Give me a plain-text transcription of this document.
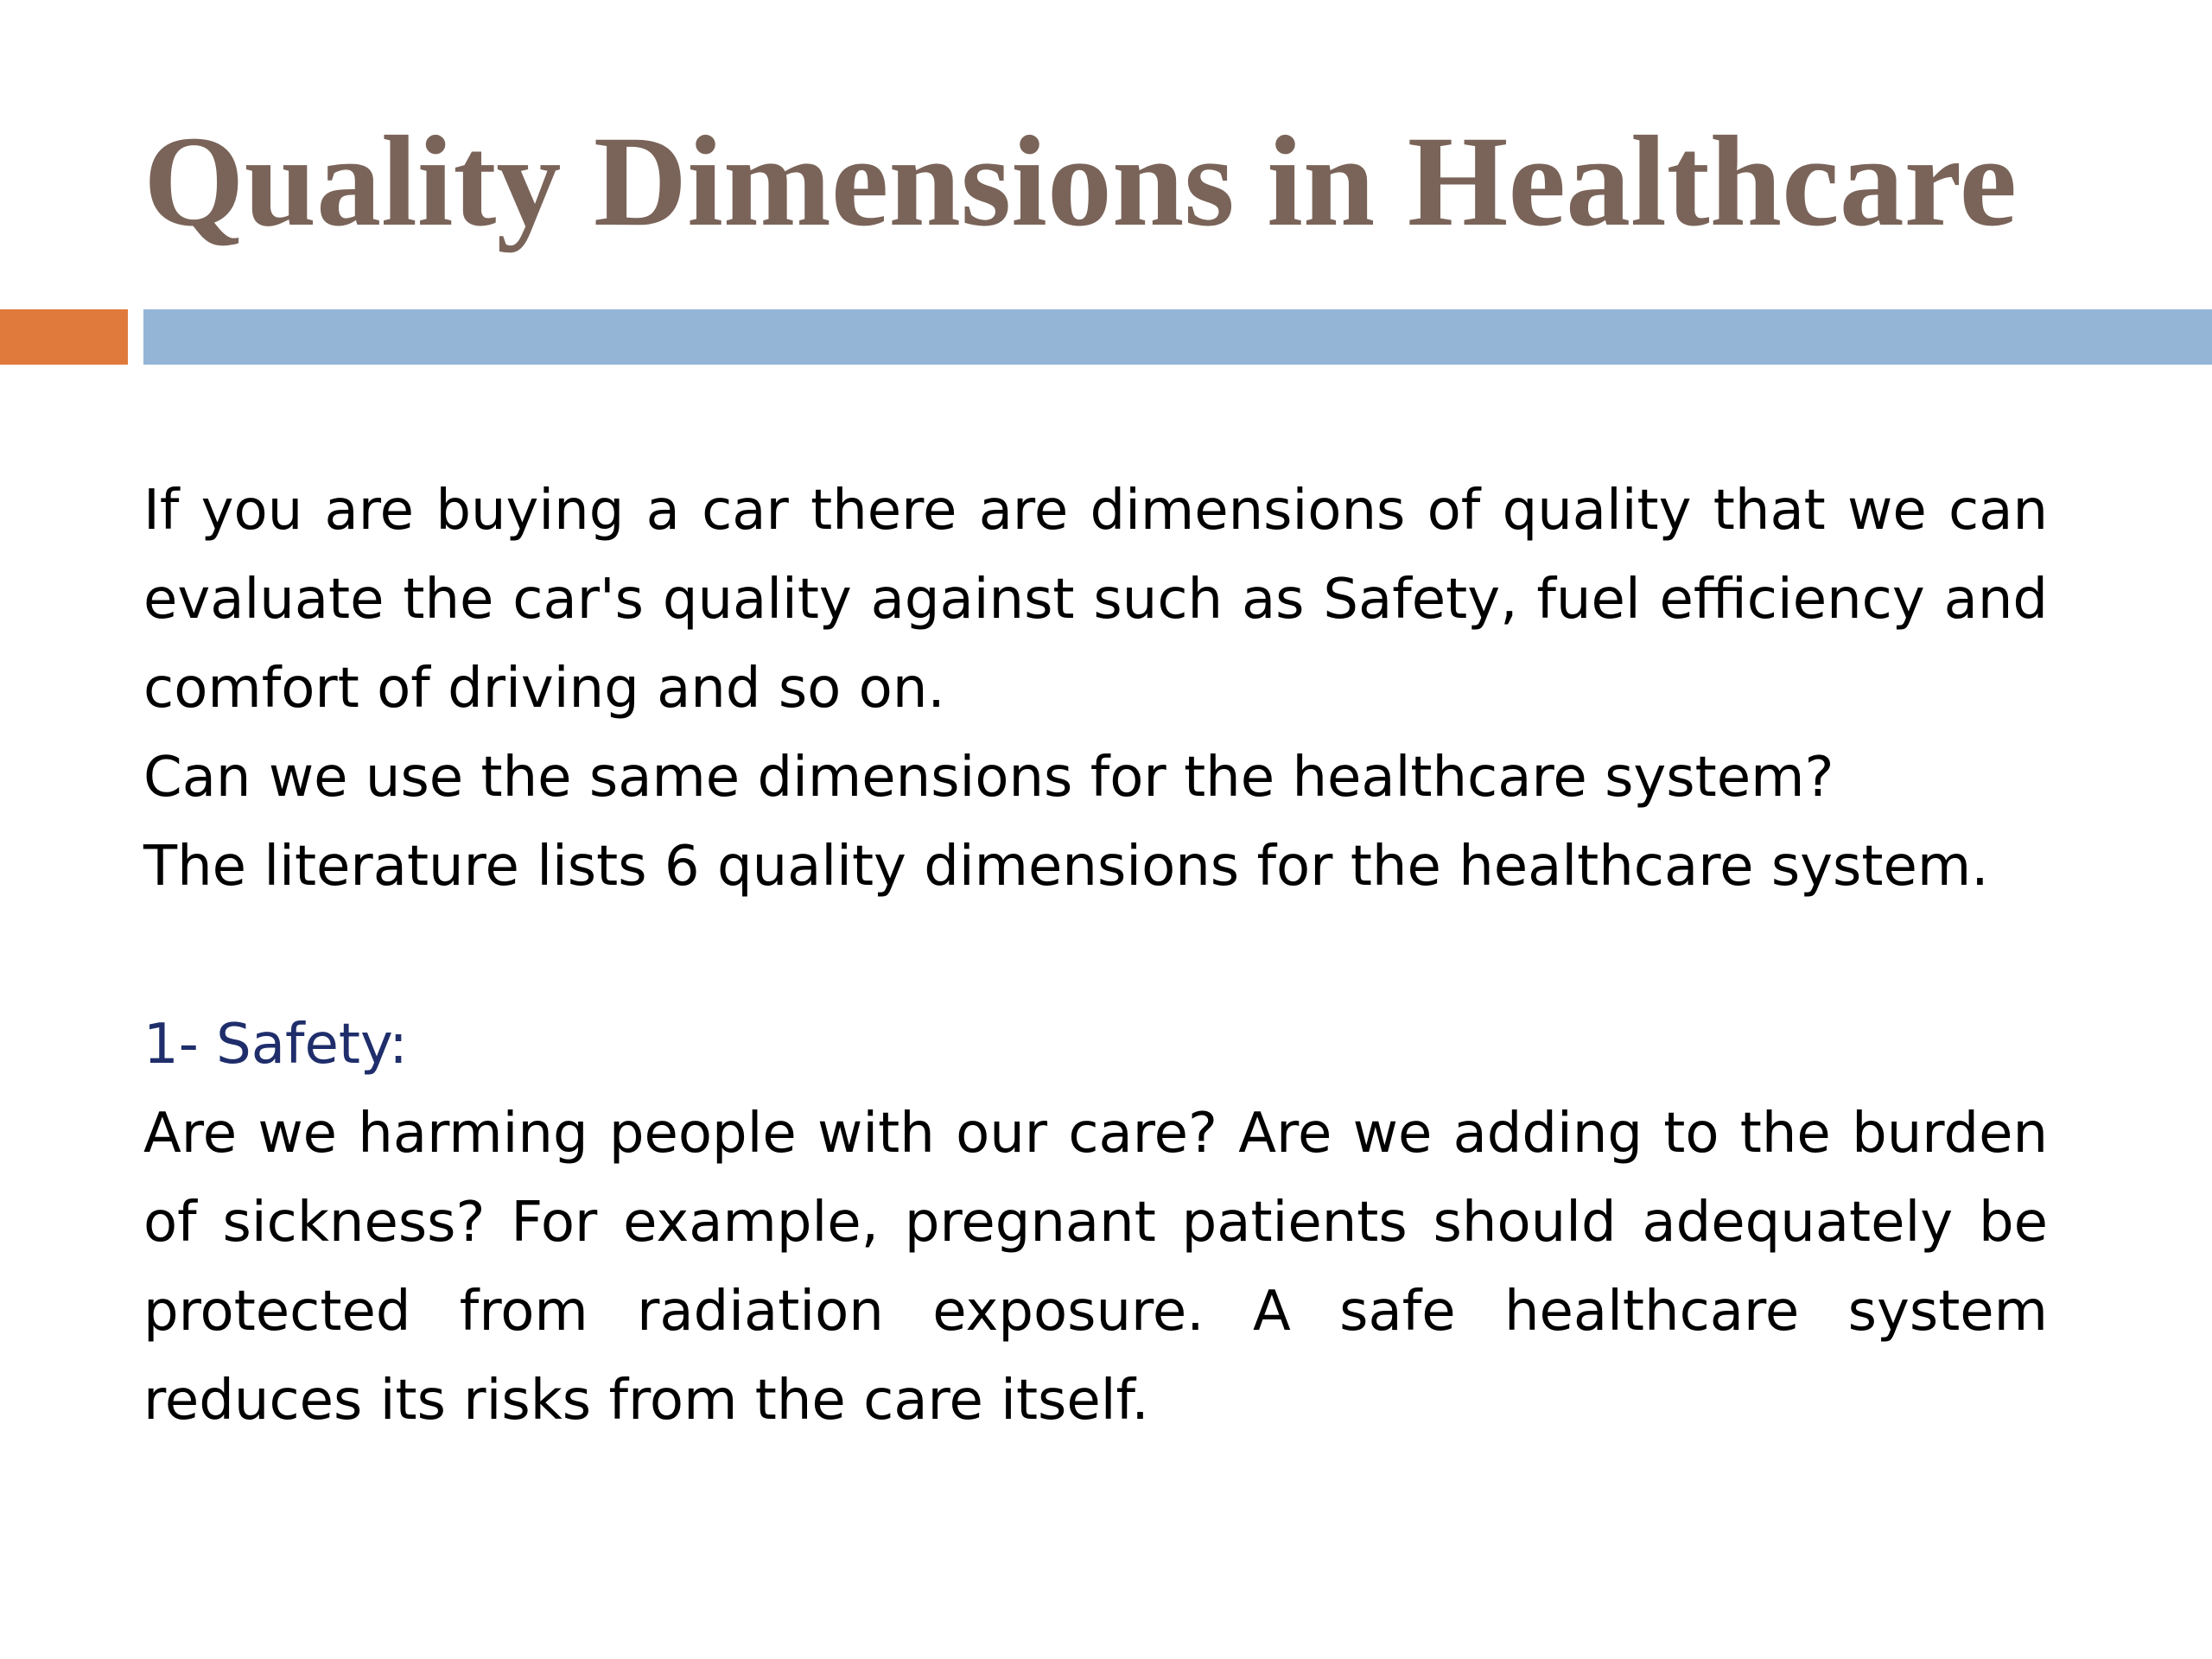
Quality Dimensions in Healthcare

If you are buying a car there are dimensions of quality that we can evaluate the car's quality against such as Safety, fuel efficiency and comfort of driving and so on.

Can we use the same dimensions for the healthcare system?

The literature lists 6 quality dimensions for the healthcare system.

1- Safety:

Are we harming people with our care? Are we adding to the burden of sickness? For example, pregnant patients should adequately be protected from radiation exposure. A safe healthcare system reduces its risks from the care itself.
